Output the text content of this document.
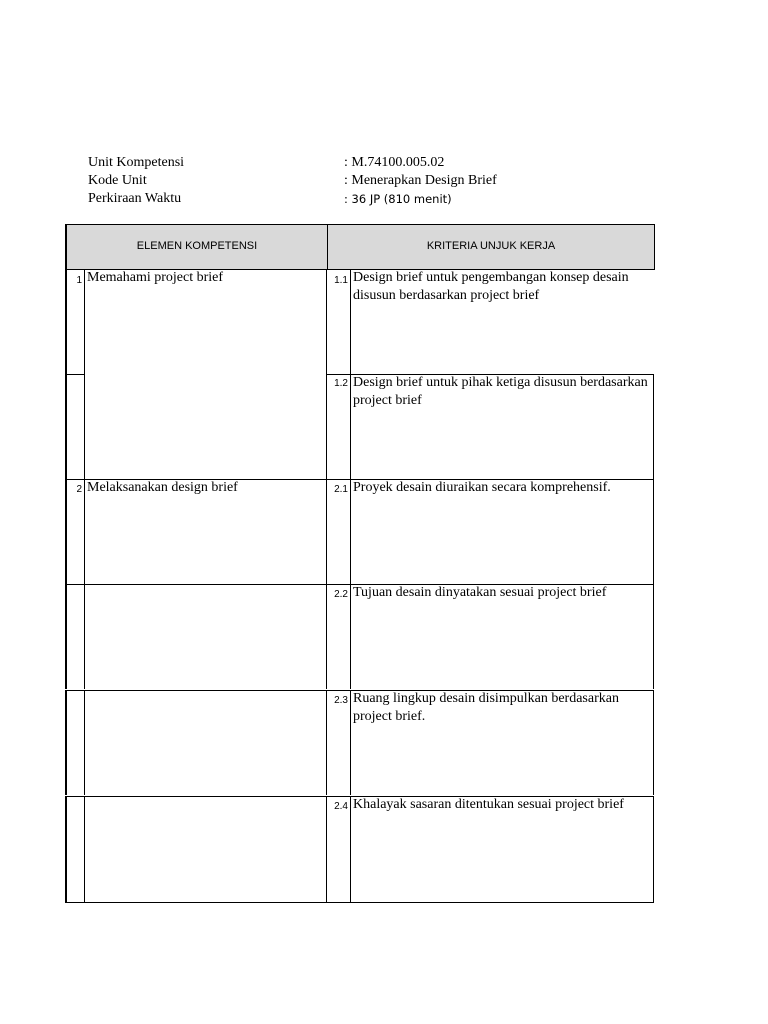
Unit Kompetensi	: M.74100.005.02
Kode Unit	: Menerapkan Design Brief
Perkiraan Waktu	: 36 JP (810 menit)
ELEMEN KOMPETENSI	KRITERIA UNJUK KERJA
1 Memahami project brief	1.1 Design brief untuk pengembangan konsep desain disusun berdasarkan project brief
1.2 Design brief untuk pihak ketiga disusun berdasarkan project brief
2 Melaksanakan design brief	2.1 Proyek desain diuraikan secara komprehensif.
2.2 Tujuan desain dinyatakan sesuai project brief
2.3 Ruang lingkup desain disimpulkan berdasarkan project brief.
2.4 Khalayak sasaran ditentukan sesuai project brief
